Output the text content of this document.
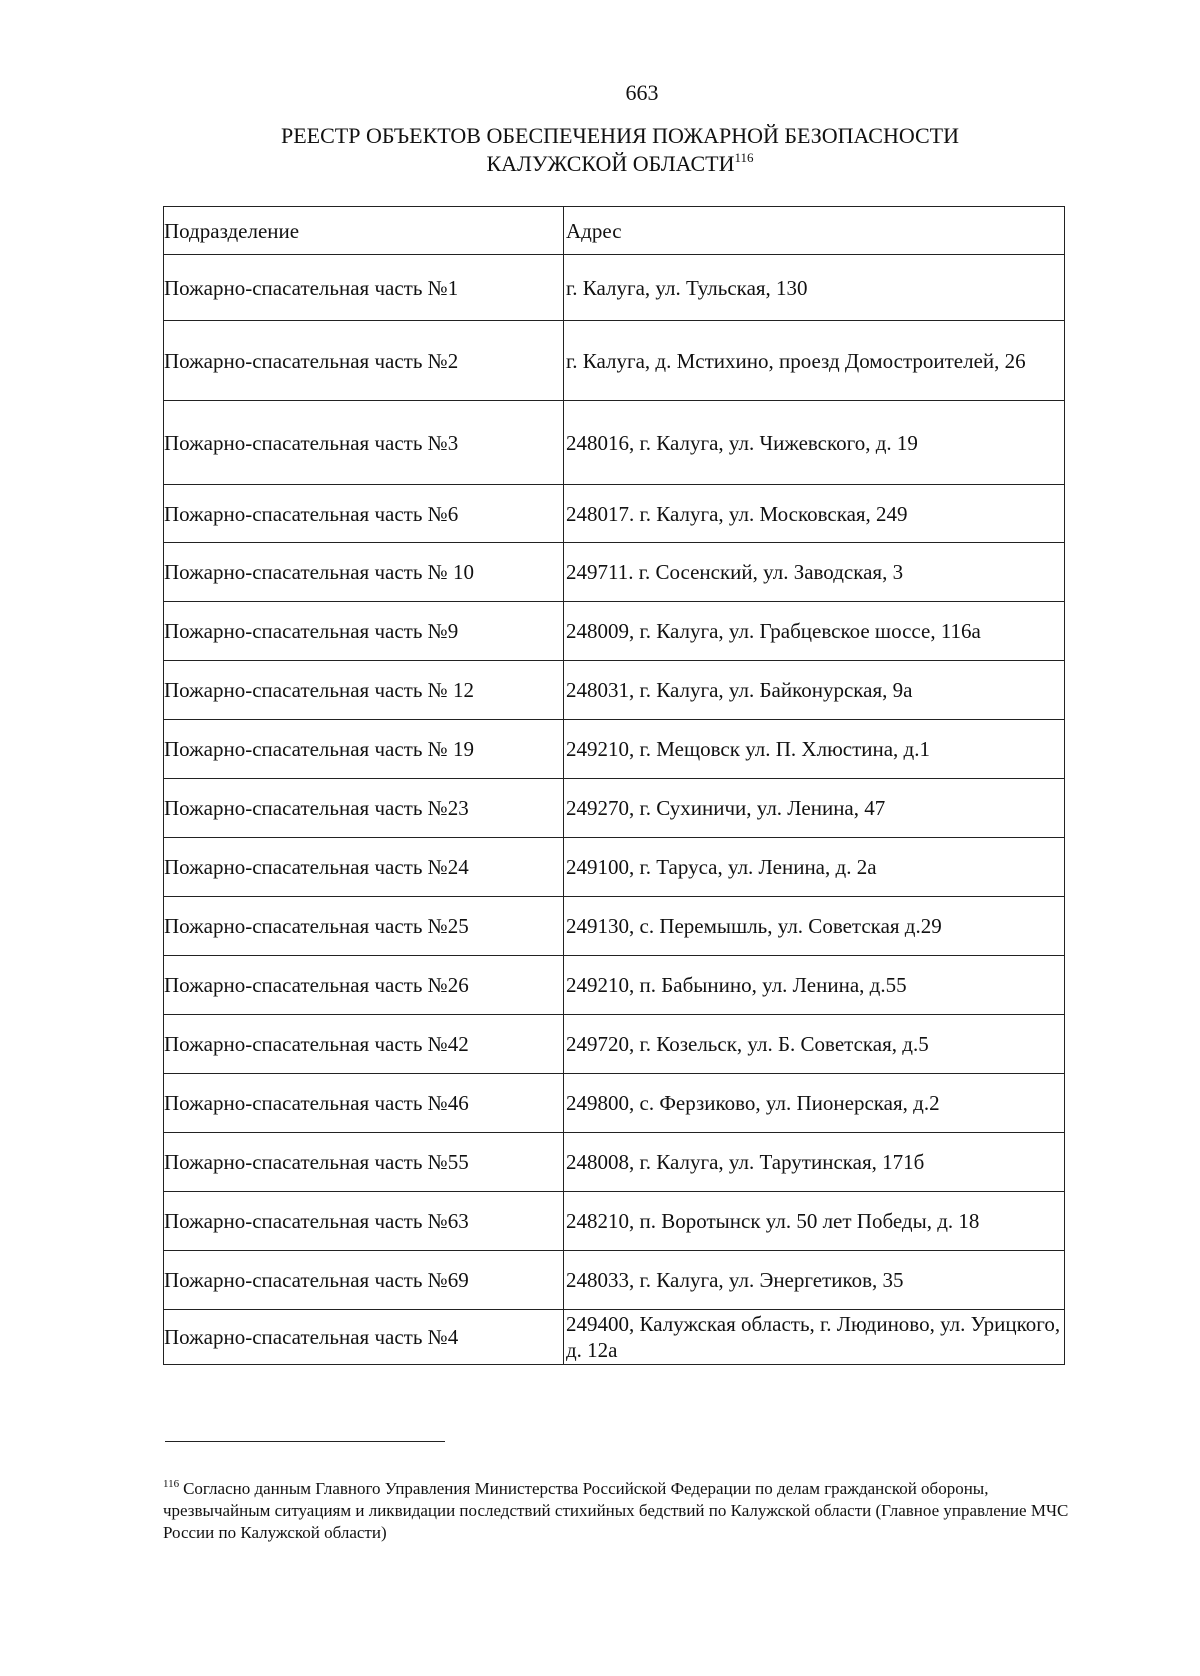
663
РЕЕСТР ОБЪЕКТОВ ОБЕСПЕЧЕНИЯ ПОЖАРНОЙ БЕЗОПАСНОСТИ
КАЛУЖСКОЙ ОБЛАСТИ$^{116}$
Подразделение	Адрес
Пожарно-спасательная часть №1	г. Калуга, ул. Тульская, 130
Пожарно-спасательная часть №2	г. Калуга, д. Мстихино, проезд Домостроителей, 26
Пожарно-спасательная часть №3	248016, г. Калуга, ул. Чижевского, д. 19
Пожарно-спасательная часть №6	248017. г. Калуга, ул. Московская, 249
Пожарно-спасательная часть № 10	249711. г. Сосенский, ул. Заводская, 3
Пожарно-спасательная часть №9	248009, г. Калуга, ул. Грабцевское шоссе, 116а
Пожарно-спасательная часть № 12	248031, г. Калуга, ул. Байконурская, 9а
Пожарно-спасательная часть № 19	249210, г. Мещовск ул. П. Хлюстина, д.1
Пожарно-спасательная часть №23	249270, г. Сухиничи, ул. Ленина, 47
Пожарно-спасательная часть №24	249100, г. Таруса, ул. Ленина, д. 2а
Пожарно-спасательная часть №25	249130, с. Перемышль, ул. Советская д.29
Пожарно-спасательная часть №26	249210, п. Бабынино, ул. Ленина, д.55
Пожарно-спасательная часть №42	249720, г. Козельск, ул. Б. Советская, д.5
Пожарно-спасательная часть №46	249800, с. Ферзиково, ул. Пионерская, д.2
Пожарно-спасательная часть №55	248008, г. Калуга, ул. Тарутинская, 171б
Пожарно-спасательная часть №63	248210, п. Воротынск ул. 50 лет Победы, д. 18
Пожарно-спасательная часть №69	248033, г. Калуга, ул. Энергетиков, 35
Пожарно-спасательная часть №4	249400, Калужская область, г. Людиново, ул. Урицкого, д. 12а
$^{116}$ Согласно данным Главного Управления Министерства Российской Федерации по делам гражданской обороны, чрезвычайным ситуациям и ликвидации последствий стихийных бедствий по Калужской области (Главное управление МЧС России по Калужской области)
